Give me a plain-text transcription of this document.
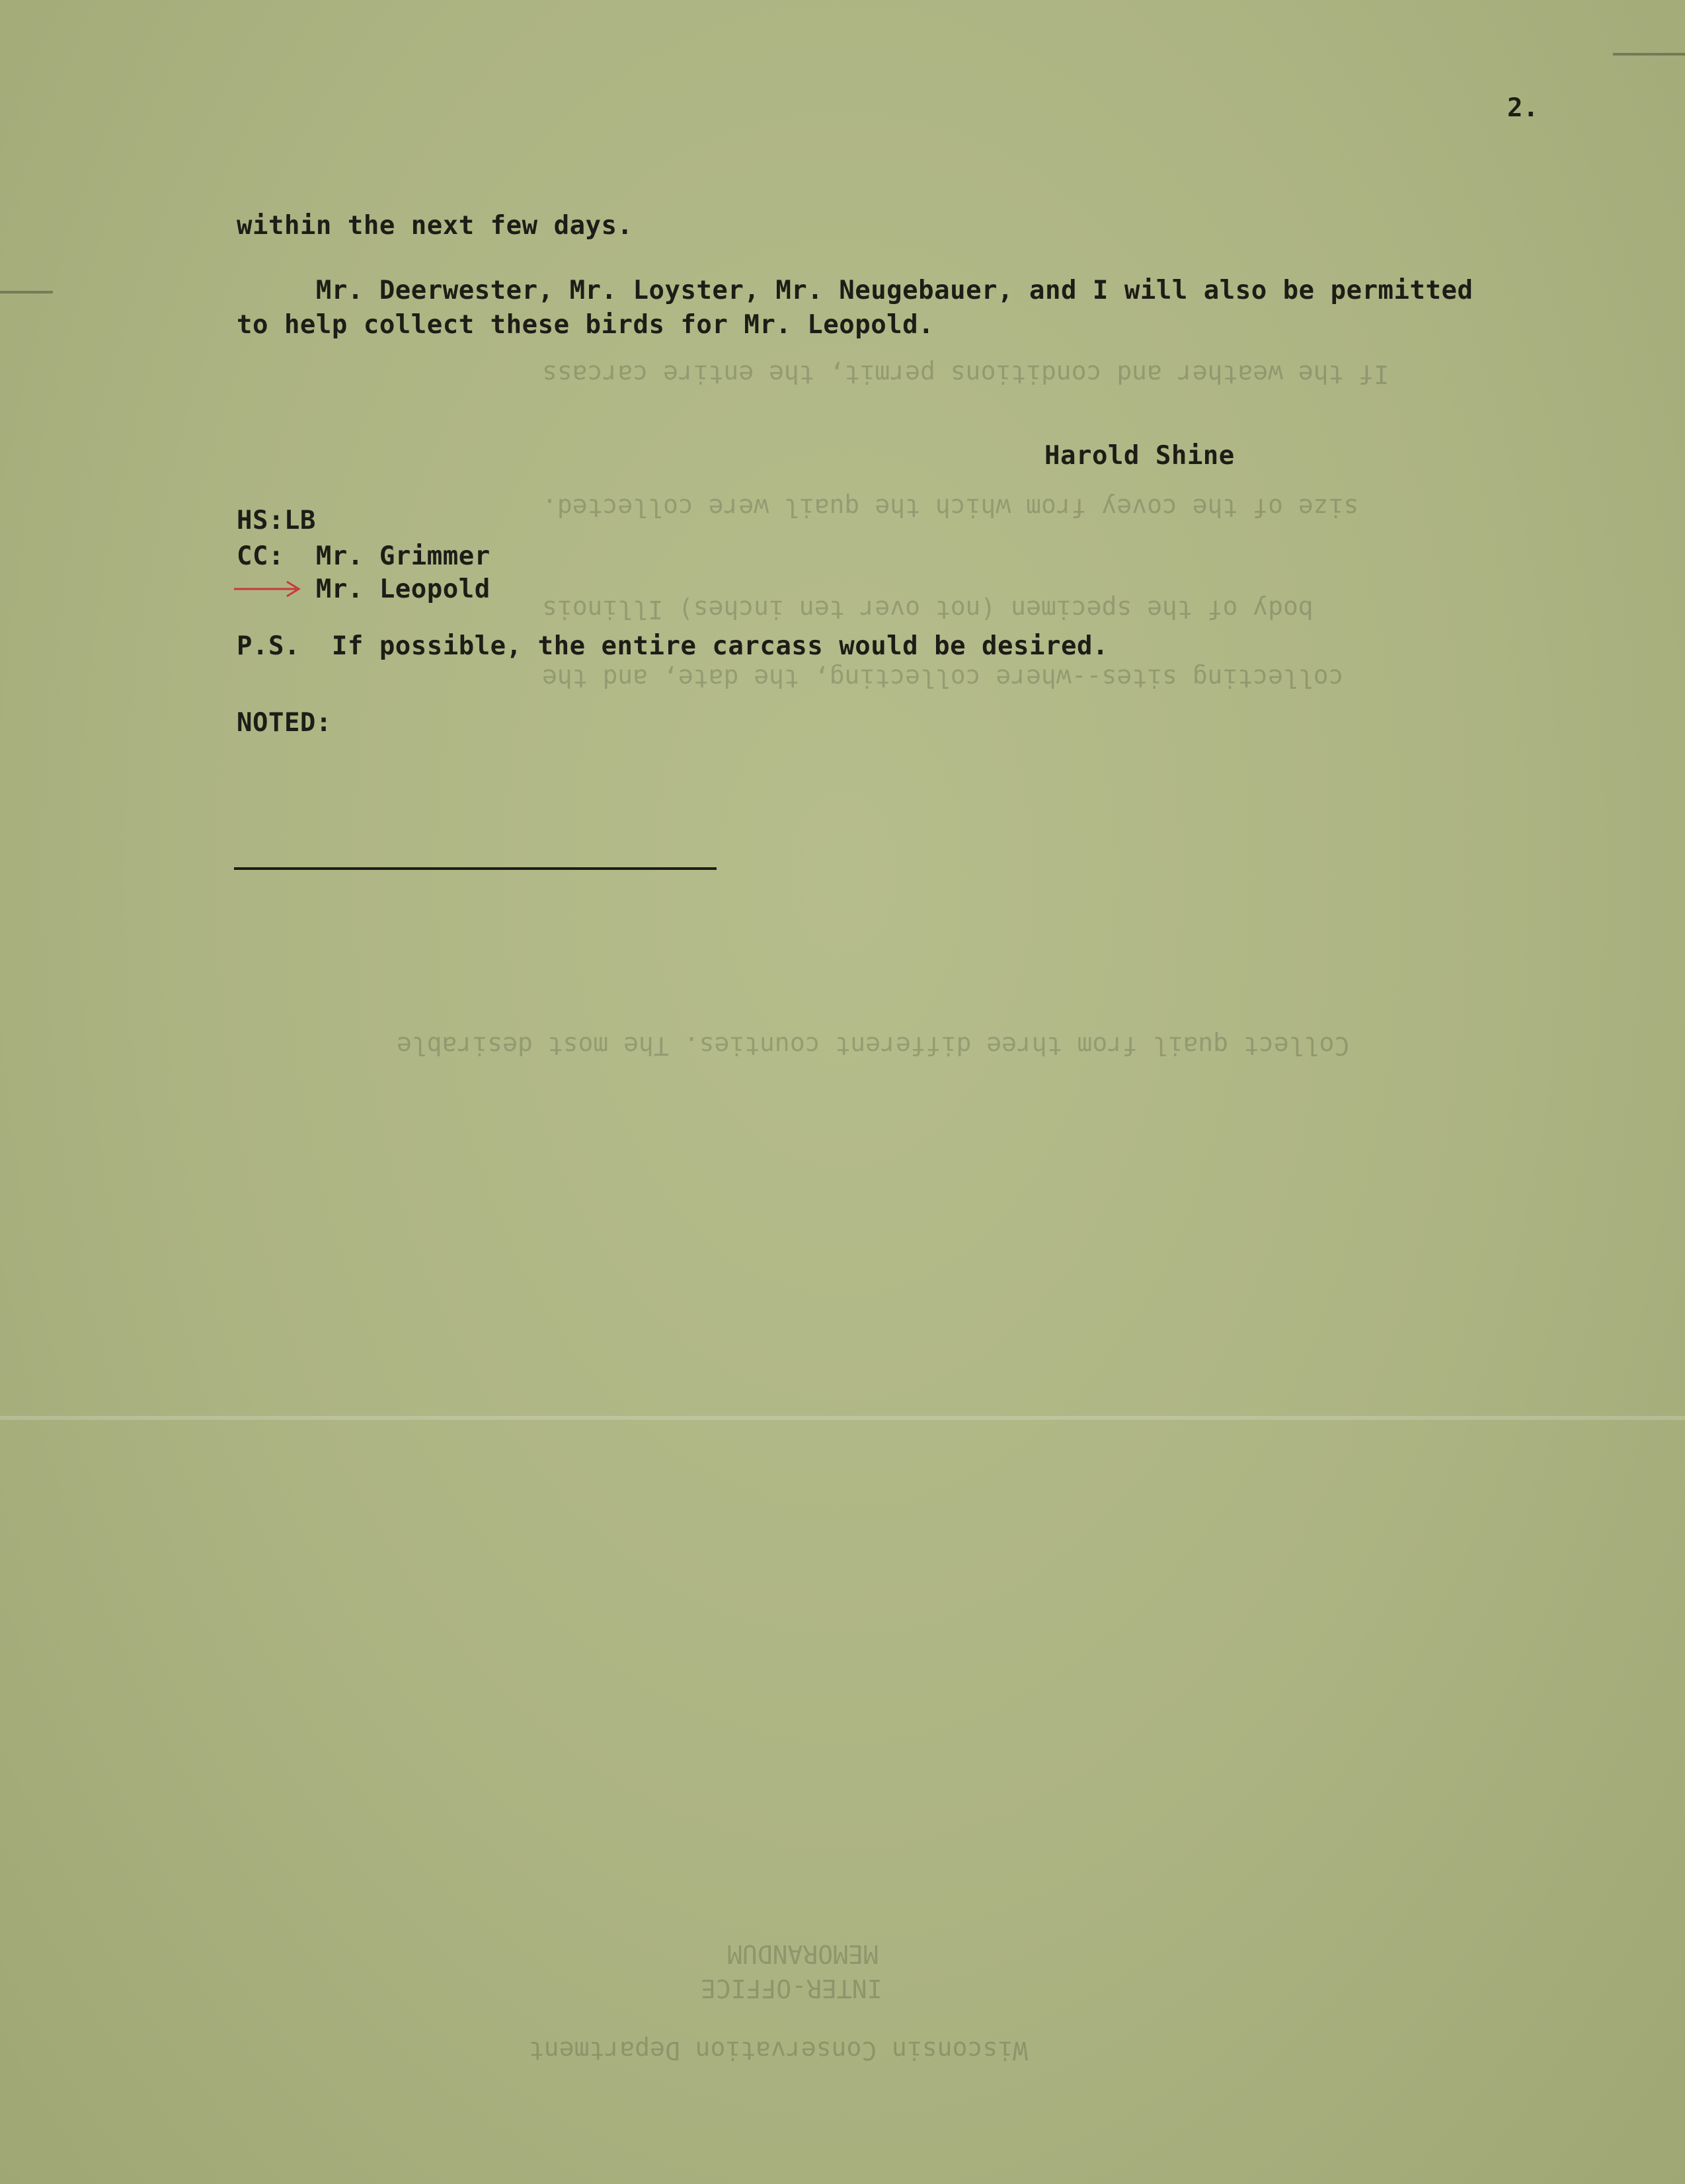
collecting sites--where collecting, the date, and the
body of the specimen (not over ten inches) Illinois
size of the covey from which the quail were collected.
If the weather and conditions permit, the entire carcass
Collect quail from three different counties. The most desirable
Wisconsin Conservation Department
INTER-OFFICE
MEMORANDUM
2.
within the next few days.
Mr. Deerwester, Mr. Loyster, Mr. Neugebauer, and I will also be permitted
to help collect these birds for Mr. Leopold.
Harold Shine
HS:LB
CC: Mr. Grimmer
Mr. Leopold
P.S.  If possible, the entire carcass would be desired.
NOTED:
